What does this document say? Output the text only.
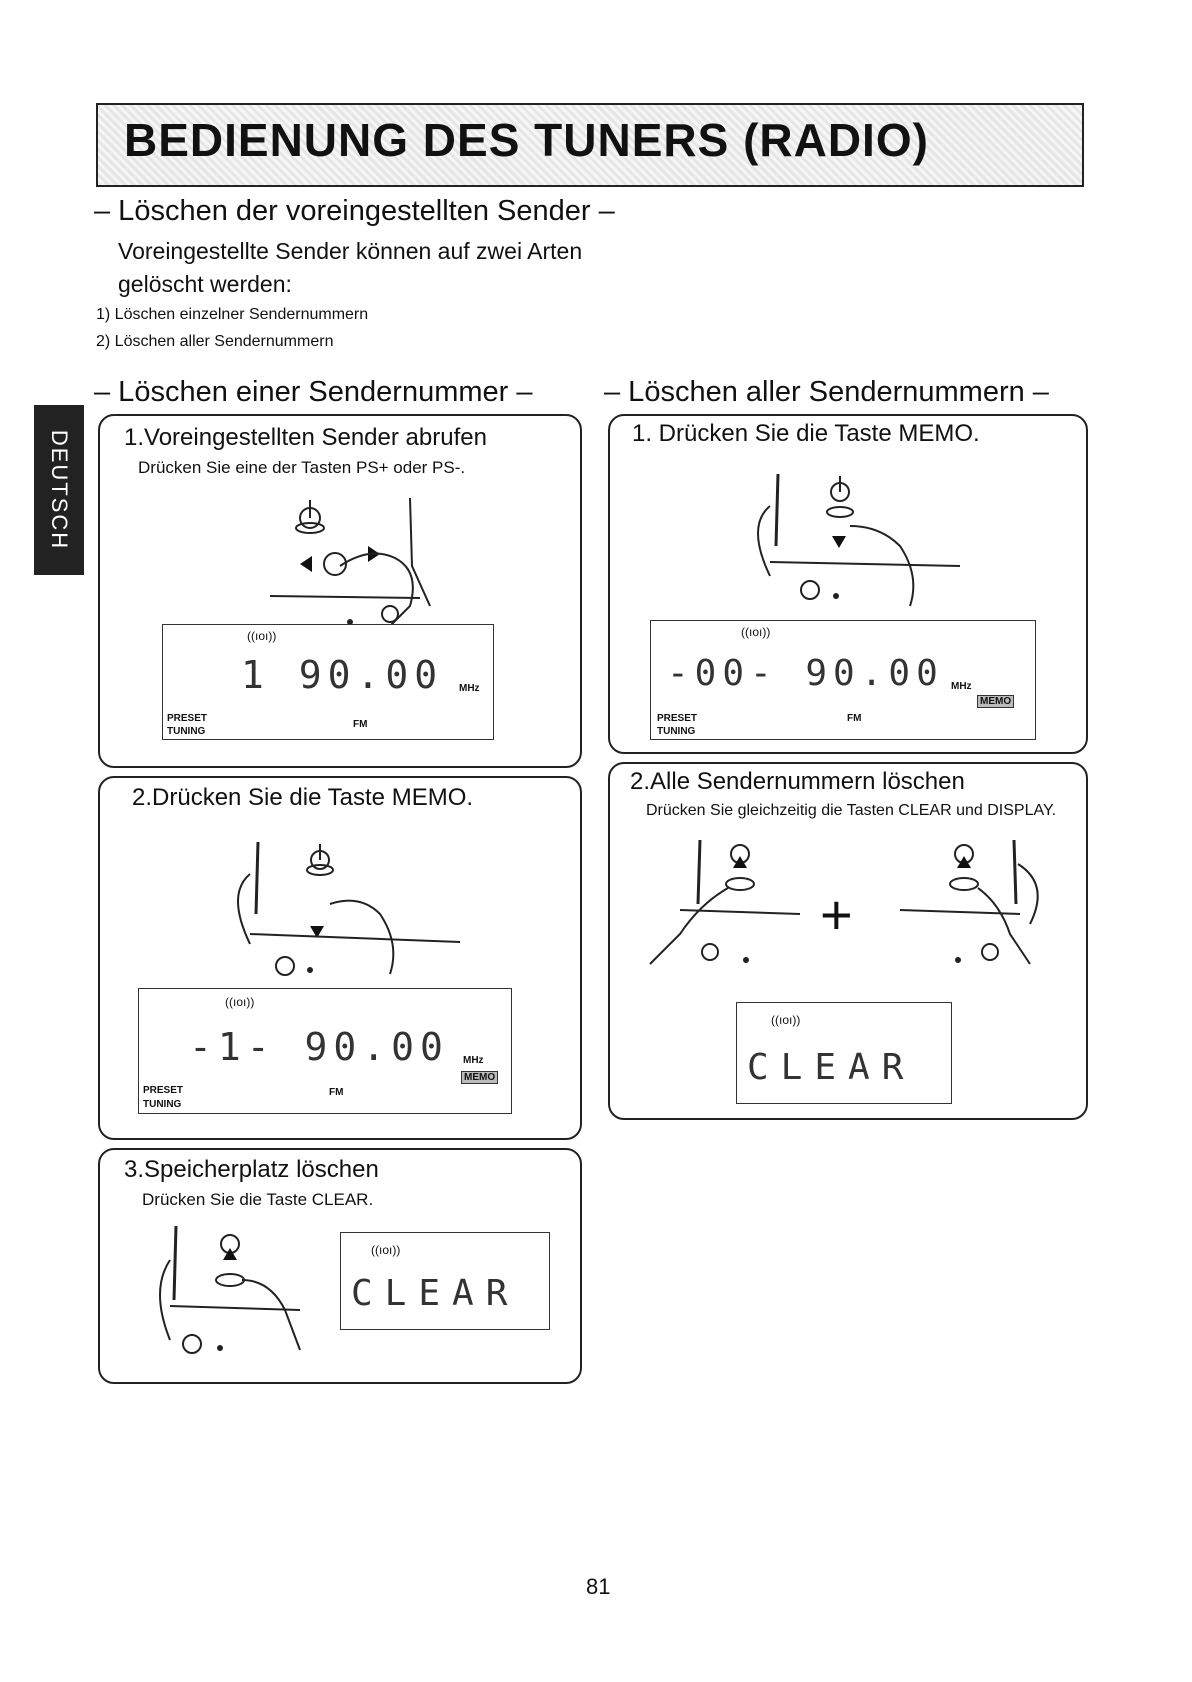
BEDIENUNG DES TUNERS (RADIO)
DEUTSCH
– Löschen der voreingestellten Sender –
Voreingestellte Sender können auf zwei Arten gelöscht werden:
1) Löschen einzelner Sendernummern
2) Löschen aller Sendernummern
– Löschen einer Sendernummer – – Löschen aller Sendernummern –
1.Voreingestellten Sender abrufen
Drücken Sie eine der Tasten PS+ oder PS-.
((ıoı))
1 90.00 MHz
FM
PRESET
TUNING
2.Drücken Sie die Taste MEMO.
((ıoı))
-1- 90.00 MHz
MEMO
FM
PRESET
TUNING
3.Speicherplatz löschen
Drücken Sie die Taste CLEAR.
((ıoı))
CLEAR
1. Drücken Sie die Taste MEMO.
((ıoı))
-00- 90.00 MHz
MEMO
FM
PRESET
TUNING
2.Alle Sendernummern löschen
Drücken Sie gleichzeitig die Tasten CLEAR und DISPLAY.
+
((ıoı))
CLEAR
81
